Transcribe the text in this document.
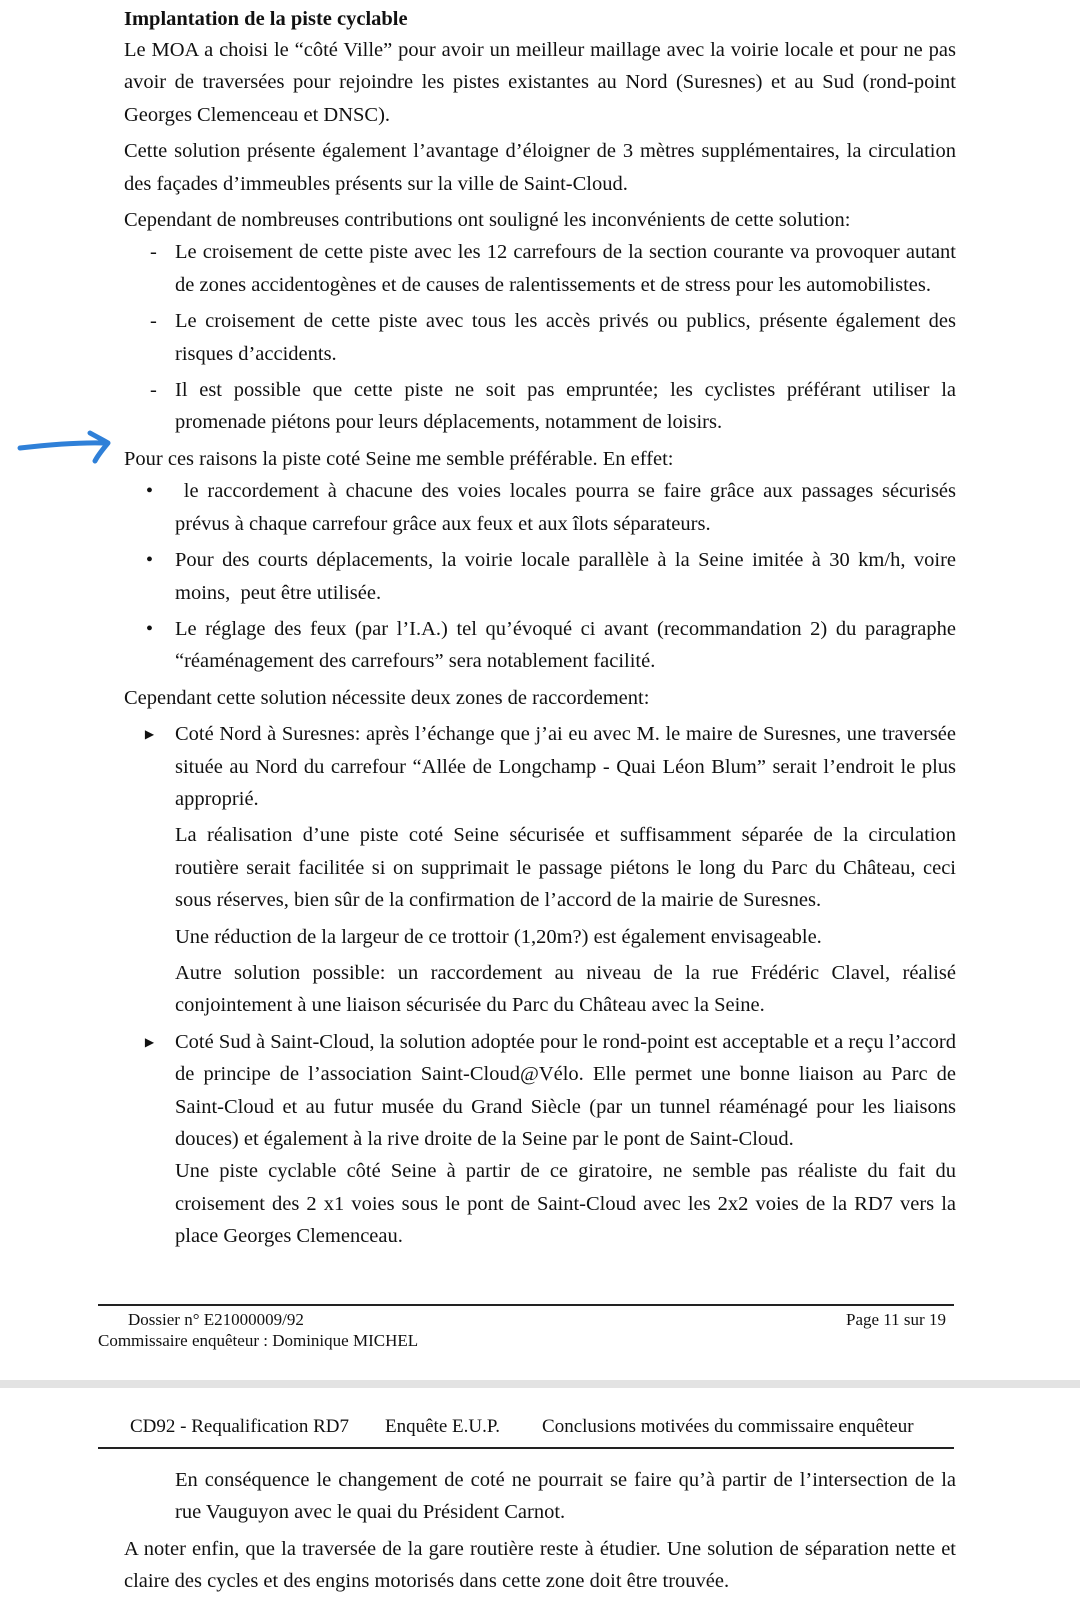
Implantation de la piste cyclable

Le MOA a choisi le “côté Ville” pour avoir un meilleur maillage avec la voirie locale et pour ne pas avoir de traversées pour rejoindre les pistes existantes au Nord (Suresnes) et au Sud (rond-point Georges Clemenceau et DNSC).

Cette solution présente également l’avantage d’éloigner de 3 mètres supplémentaires, la circulation des façades d’immeubles présents sur la ville de Saint-Cloud.

Cependant de nombreuses contributions ont souligné les inconvénients de cette solution:

- Le croisement de cette piste avec les 12 carrefours de la section courante va provoquer autant de zones accidentogènes et de causes de ralentissements et de stress pour les automobilistes.
- Le croisement de cette piste avec tous les accès privés ou publics, présente également des risques d’accidents.
- Il est possible que cette piste ne soit pas empruntée; les cyclistes préférant utiliser la promenade piétons pour leurs déplacements, notamment de loisirs.

Pour ces raisons la piste coté Seine me semble préférable. En effet:

•	le raccordement à chacune des voies locales pourra se faire grâce aux passages sécurisés prévus à chaque carrefour grâce aux feux et aux îlots séparateurs.
•	Pour des courts déplacements, la voirie locale parallèle à la Seine imitée à 30 km/h, voire moins,  peut être utilisée.
•	Le réglage des feux (par l’I.A.) tel qu’évoqué ci avant (recommandation 2) du paragraphe  “réaménagement des carrefours” sera notablement facilité.

Cependant cette solution nécessite deux zones de raccordement:

▶	Coté Nord à Suresnes: après l’échange que j’ai eu avec M. le maire de Suresnes, une traversée située au Nord du carrefour “Allée de Longchamp - Quai Léon Blum” serait l’endroit le plus approprié.

La réalisation d’une piste coté Seine sécurisée et suffisamment séparée de la circulation routière serait facilitée si on supprimait le passage piétons le long du Parc du Château, ceci sous réserves, bien sûr de la confirmation de l’accord de la mairie de Suresnes.

Une réduction de la largeur de ce trottoir (1,20m?) est également envisageable.

Autre solution possible: un raccordement au niveau de la rue Frédéric Clavel, réalisé conjointement à une liaison sécurisée du Parc du Château avec la Seine.

▶	Coté Sud à Saint-Cloud, la solution adoptée pour le rond-point est acceptable et a reçu l’accord de principe de l’association Saint-Cloud@Vélo. Elle permet une bonne liaison au Parc de Saint-Cloud et au futur musée du Grand Siècle (par un tunnel réaménagé pour les liaisons douces) et également à la rive droite de la Seine par le pont de Saint-Cloud.

Une piste cyclable côté Seine à partir de ce giratoire, ne semble pas réaliste du fait du croisement des 2 x1 voies sous le pont de Saint-Cloud avec les 2x2 voies de la RD7 vers la place Georges Clemenceau.

Dossier n° E21000009/92
Commissaire enquêteur : Dominique MICHEL
Page 11 sur 19
CD92 - Requalification RD7 Enquête E.U.P. Conclusions motivées du commissaire enquêteur

En conséquence le changement de coté ne pourrait se faire qu’à partir de l’intersection de la rue Vauguyon avec le quai du Président Carnot.

A noter enfin, que la traversée de la gare routière reste à étudier. Une solution de séparation nette et claire des cycles et des engins motorisés dans cette zone doit être trouvée.
